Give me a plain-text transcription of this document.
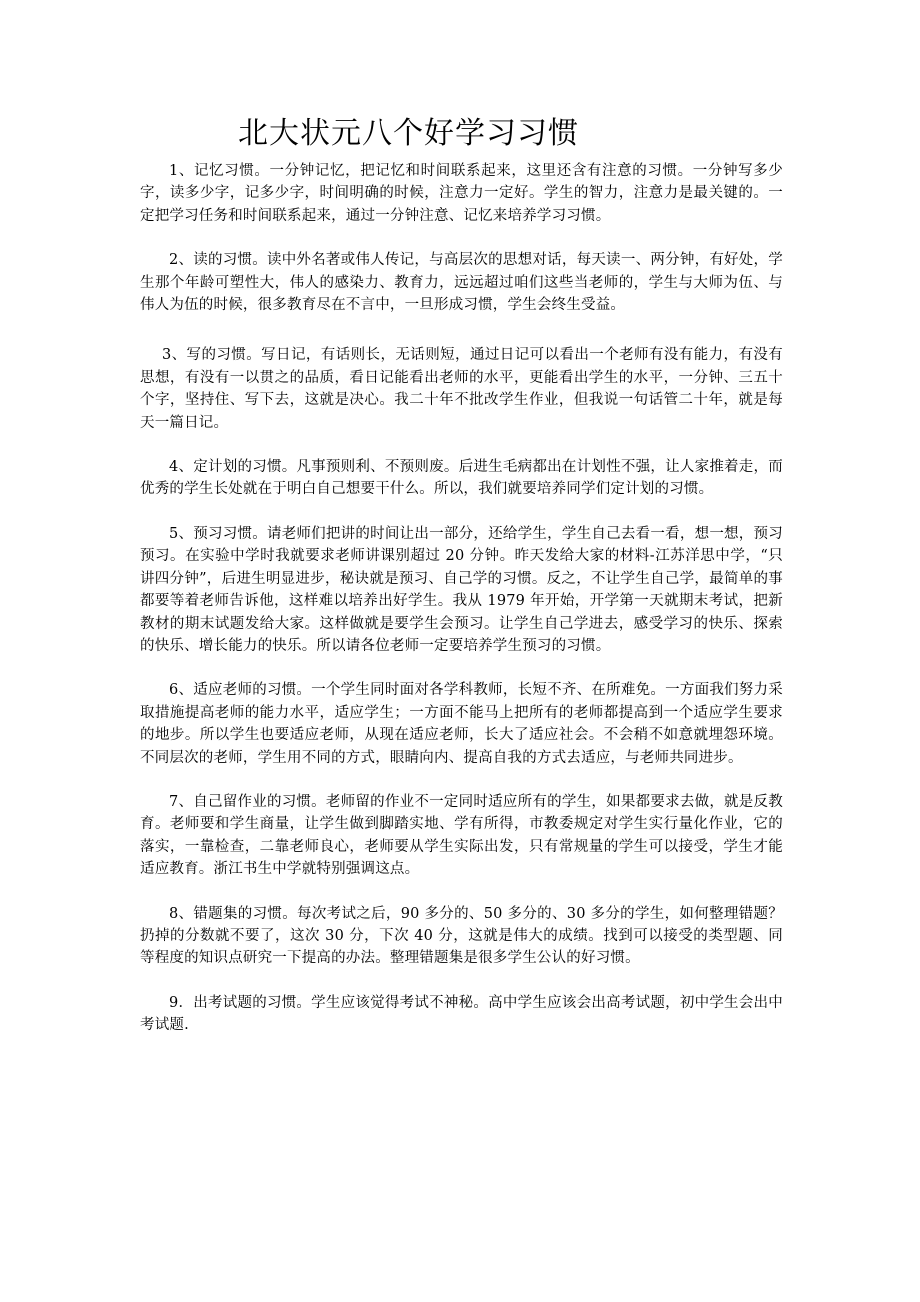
北大状元八个好学习习惯

1、记忆习惯。一分钟记忆，把记忆和时间联系起来，这里还含有注意的习惯。一分钟写多少字，读多少字，记多少字，时间明确的时候，注意力一定好。学生的智力，注意力是最关键的。一定把学习任务和时间联系起来，通过一分钟注意、记忆来培养学习习惯。

2、读的习惯。读中外名著或伟人传记，与高层次的思想对话，每天读一、两分钟，有好处，学生那个年龄可塑性大，伟人的感染力、教育力，远远超过咱们这些当老师的，学生与大师为伍、与伟人为伍的时候，很多教育尽在不言中，一旦形成习惯，学生会终生受益。

3、写的习惯。写日记，有话则长，无话则短，通过日记可以看出一个老师有没有能力，有没有思想，有没有一以贯之的品质，看日记能看出老师的水平，更能看出学生的水平，一分钟、三五十个字，坚持住、写下去，这就是决心。我二十年不批改学生作业，但我说一句话管二十年，就是每天一篇日记。

4、定计划的习惯。凡事预则利、不预则废。后进生毛病都出在计划性不强，让人家推着走，而优秀的学生长处就在于明白自己想要干什么。所以，我们就要培养同学们定计划的习惯。

5、预习习惯。请老师们把讲的时间让出一部分，还给学生，学生自己去看一看，想一想，预习预习。在实验中学时我就要求老师讲课别超过 20 分钟。昨天发给大家的材料-江苏洋思中学，“只讲四分钟”，后进生明显进步，秘诀就是预习、自己学的习惯。反之，不让学生自己学，最简单的事都要等着老师告诉他，这样难以培养出好学生。我从 1979 年开始，开学第一天就期末考试，把新教材的期末试题发给大家。这样做就是要学生会预习。让学生自己学进去，感受学习的快乐、探索的快乐、增长能力的快乐。所以请各位老师一定要培养学生预习的习惯。

6、适应老师的习惯。一个学生同时面对各学科教师，长短不齐、在所难免。一方面我们努力采取措施提高老师的能力水平，适应学生；一方面不能马上把所有的老师都提高到一个适应学生要求的地步。所以学生也要适应老师，从现在适应老师，长大了适应社会。不会稍不如意就埋怨环境。不同层次的老师，学生用不同的方式，眼睛向内、提高自我的方式去适应，与老师共同进步。

7、自己留作业的习惯。老师留的作业不一定同时适应所有的学生，如果都要求去做，就是反教育。老师要和学生商量，让学生做到脚踏实地、学有所得，市教委规定对学生实行量化作业，它的落实，一靠检查，二靠老师良心，老师要从学生实际出发，只有常规量的学生可以接受，学生才能适应教育。浙江书生中学就特别强调这点。

8、错题集的习惯。每次考试之后，90 多分的、50 多分的、30 多分的学生，如何整理错题？扔掉的分数就不要了，这次 30 分，下次 40 分，这就是伟大的成绩。找到可以接受的类型题、同等程度的知识点研究一下提高的办法。整理错题集是很多学生公认的好习惯。

9．出考试题的习惯。学生应该觉得考试不神秘。高中学生应该会出高考试题，初中学生会出中考试题.
